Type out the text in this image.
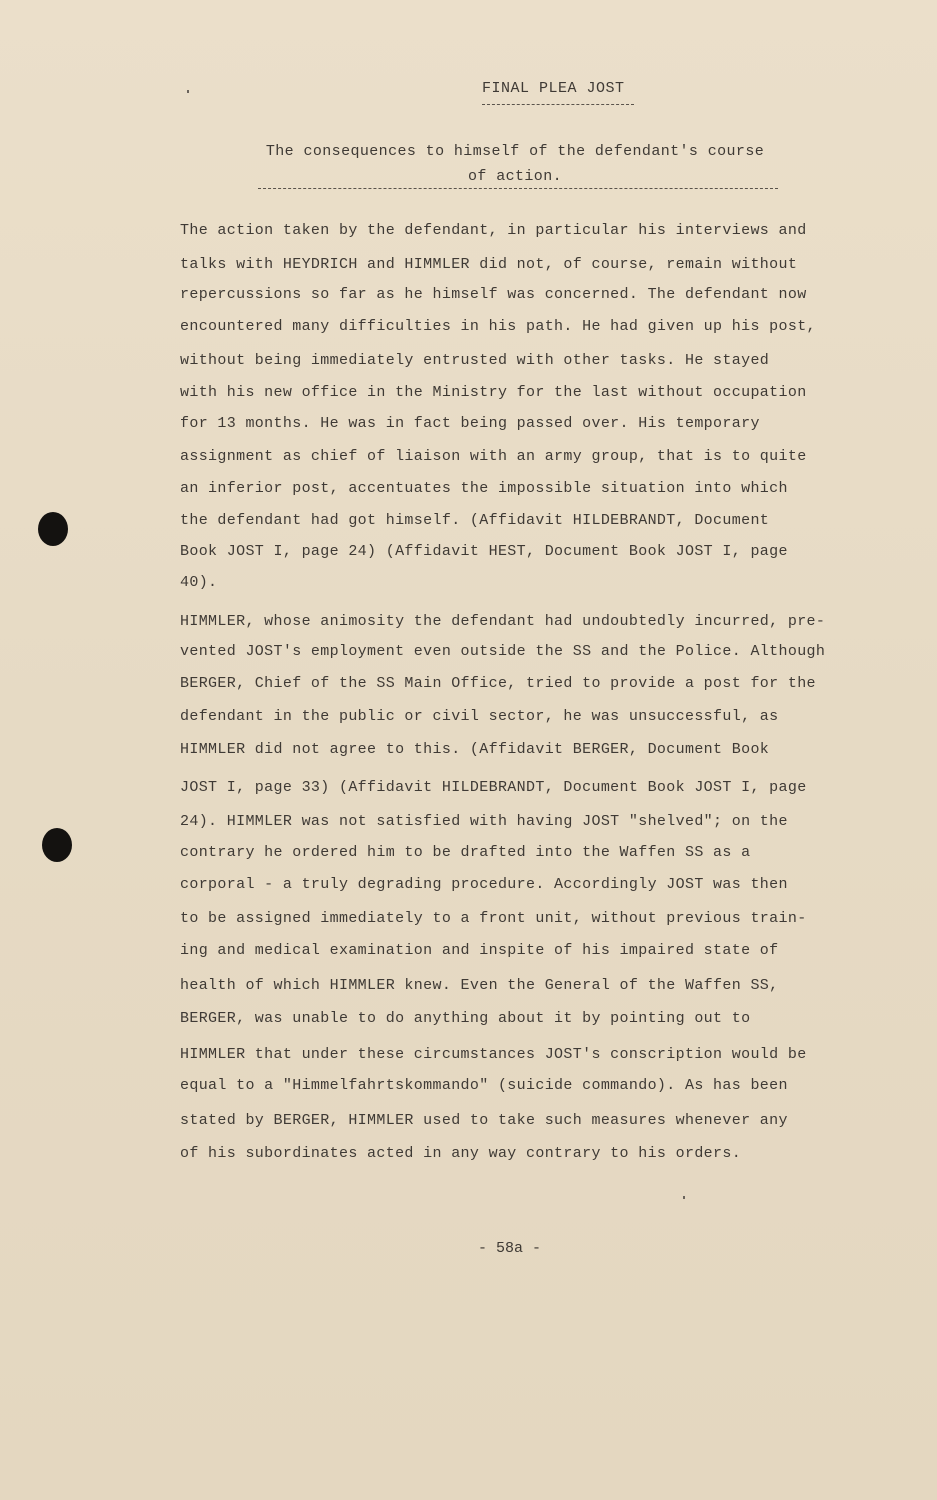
FINAL PLEA JOST
The consequences to himself of the defendant's course
of action.
The action taken by the defendant, in particular his interviews and
talks with HEYDRICH and HIMMLER did not, of course, remain without
repercussions so far as he himself was concerned. The defendant now
encountered many difficulties in his path. He had given up his post,
without being immediately entrusted with other tasks. He stayed
with his new office in the Ministry for the last without occupation
for 13 months. He was in fact being passed over. His temporary
assignment as chief of liaison with an army group, that is to quite
an inferior post, accentuates the impossible situation into which
the defendant had got himself. (Affidavit HILDEBRANDT, Document
Book JOST I, page 24) (Affidavit HEST, Document Book JOST I, page
40).
HIMMLER, whose animosity the defendant had undoubtedly incurred, pre-
vented JOST's employment even outside the SS and the Police. Although
BERGER, Chief of the SS Main Office, tried to provide a post for the
defendant in the public or civil sector, he was unsuccessful, as
HIMMLER did not agree to this. (Affidavit BERGER, Document Book
JOST I, page 33) (Affidavit HILDEBRANDT, Document Book JOST I, page
24). HIMMLER was not satisfied with having JOST "shelved"; on the
contrary he ordered him to be drafted into the Waffen SS as a
corporal - a truly degrading procedure. Accordingly JOST was then
to be assigned immediately to a front unit, without previous train-
ing and medical examination and inspite of his impaired state of
health of which HIMMLER knew. Even the General of the Waffen SS,
BERGER, was unable to do anything about it by pointing out to
HIMMLER that under these circumstances JOST's conscription would be
equal to a "Himmelfahrtskommando" (suicide commando). As has been
stated by BERGER, HIMMLER used to take such measures whenever any
of his subordinates acted in any way contrary to his orders.
- 58a -
